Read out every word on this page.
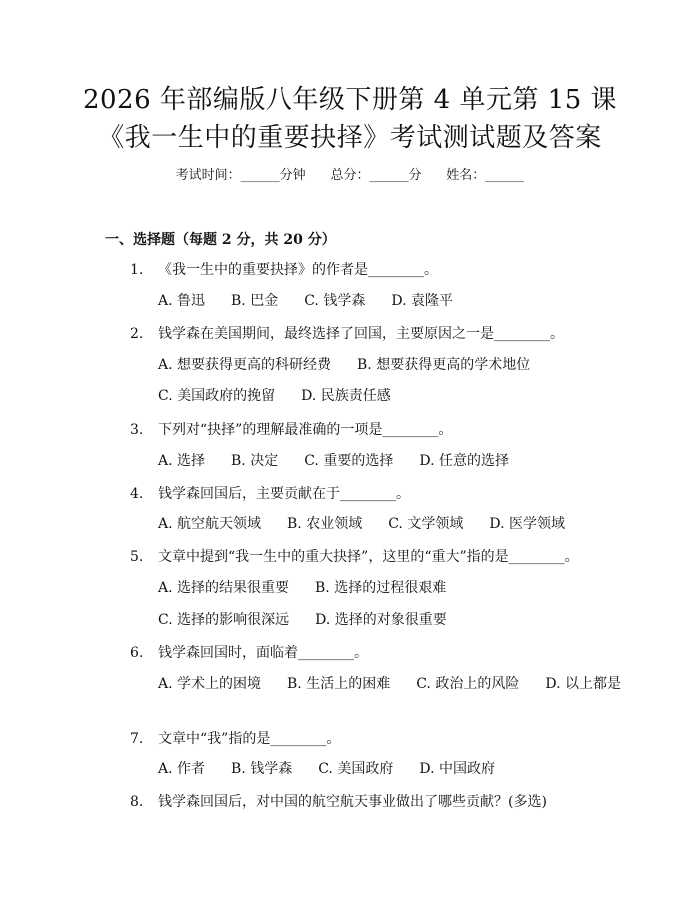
2026 年部编版八年级下册第 4 单元第 15 课
《我一生中的重要抉择》考试测试题及答案
考试时间：______分钟 总分：______分 姓名：______
一、选择题（每题 2 分，共 20 分）
1. 《我一生中的重要抉择》的作者是________。
A. 鲁迅 B. 巴金 C. 钱学森 D. 袁隆平
2. 钱学森在美国期间，最终选择了回国，主要原因之一是________。
A. 想要获得更高的科研经费 B. 想要获得更高的学术地位
C. 美国政府的挽留 D. 民族责任感
3. 下列对“抉择”的理解最准确的一项是________。
A. 选择 B. 决定 C. 重要的选择 D. 任意的选择
4. 钱学森回国后，主要贡献在于________。
A. 航空航天领域 B. 农业领域 C. 文学领域 D. 医学领域
5. 文章中提到“我一生中的重大抉择”，这里的“重大”指的是________。
A. 选择的结果很重要 B. 选择的过程很艰难
C. 选择的影响很深远 D. 选择的对象很重要
6. 钱学森回国时，面临着________。
A. 学术上的困境 B. 生活上的困难 C. 政治上的风险 D. 以上都是
7. 文章中“我”指的是________。
A. 作者 B. 钱学森 C. 美国政府 D. 中国政府
8. 钱学森回国后，对中国的航空航天事业做出了哪些贡献？(多选)
